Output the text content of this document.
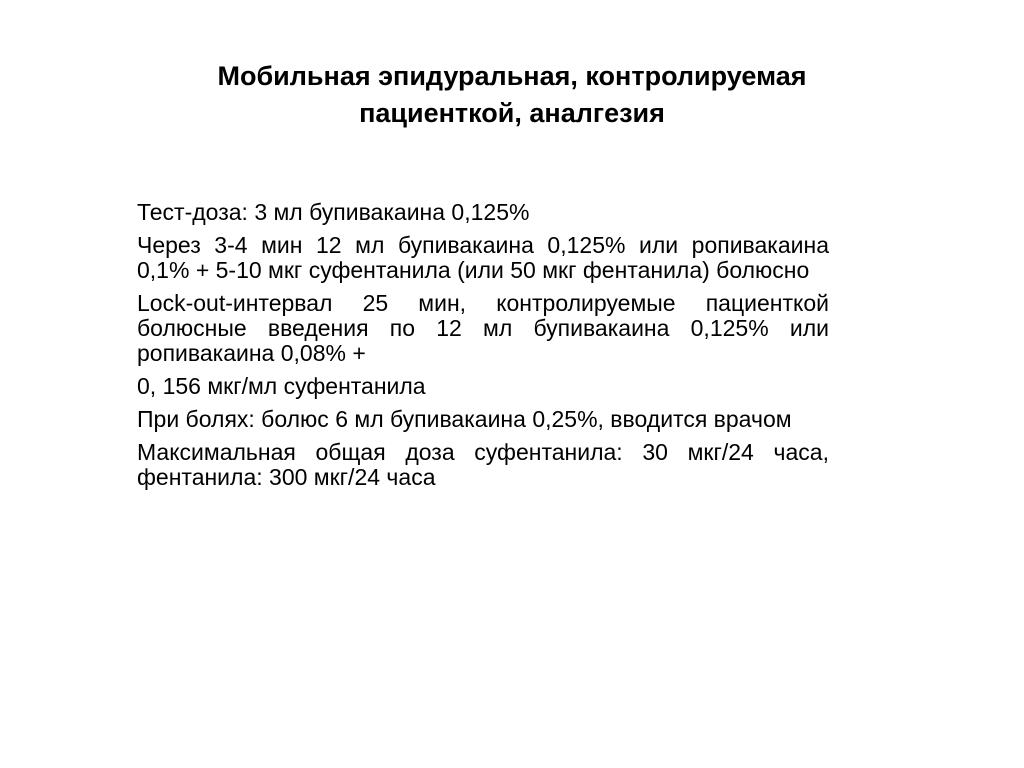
Мобильная эпидуральная, контролируемая
пациенткой, аналгезия

Тест-доза: 3 мл бупивакаина 0,125%

Через 3-4 мин 12 мл бупивакаина 0,125% или ропивакаина 0,1% + 5-10 мкг суфентанила (или 50 мкг фентанила) болюсно

Lock-out-интервал 25 мин, контролируемые пациенткой болюсные введения по 12 мл бупивакаина 0,125% или ропивакаина 0,08% +

0, 156 мкг/мл суфентанила

При болях: болюс 6 мл бупивакаина 0,25%, вводится врачом

Максимальная общая доза суфентанила: 30 мкг/24 часа, фентанила: 300 мкг/24 часа
